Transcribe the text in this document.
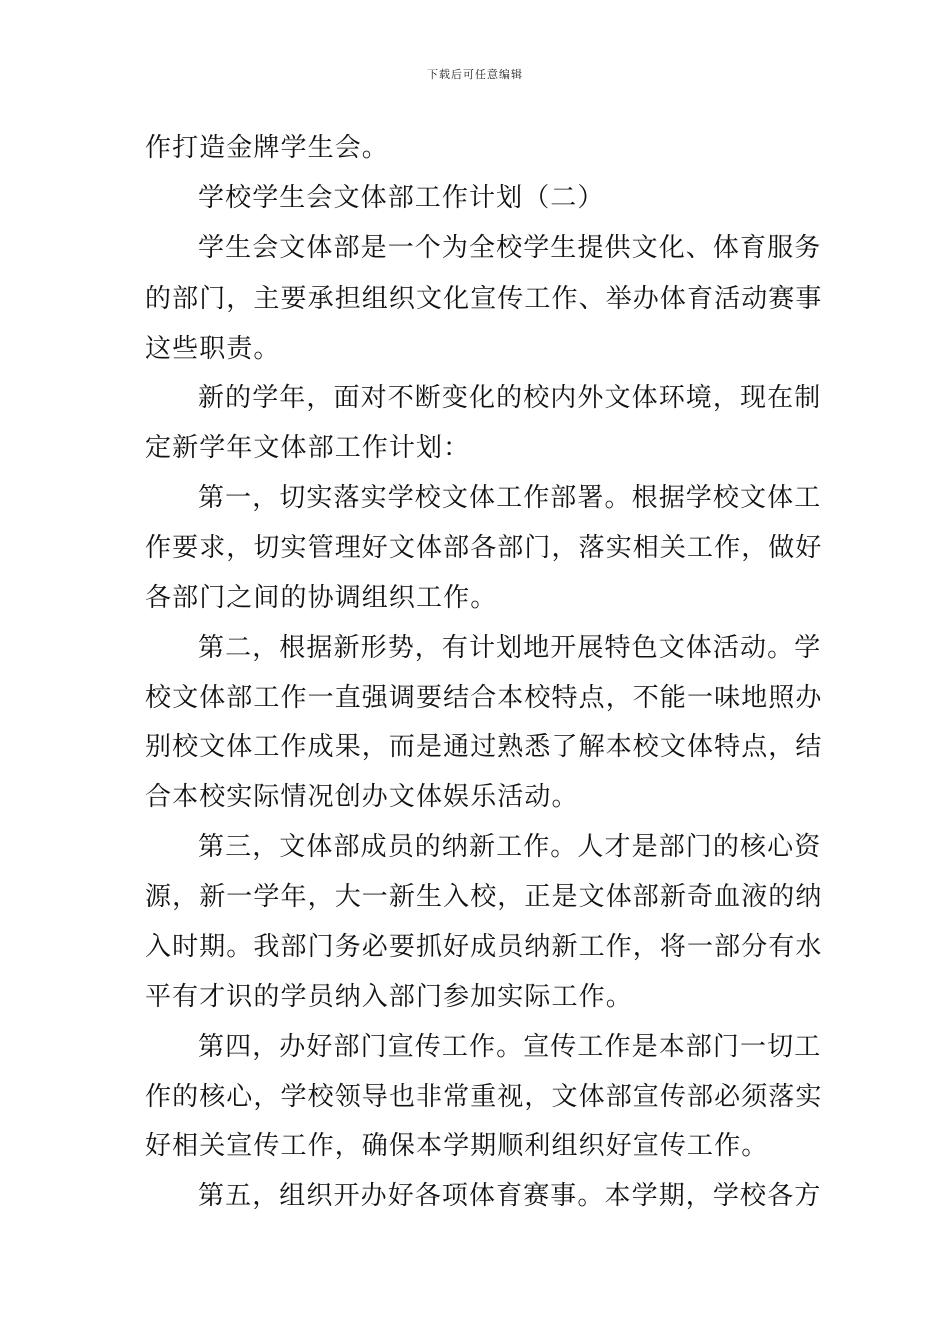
下载后可任意编辑
作打造金牌学生会。
学校学生会文体部工作计划（二）
学生会文体部是一个为全校学生提供文化、体育服务
的部门，主要承担组织文化宣传工作、举办体育活动赛事
这些职责。
新的学年，面对不断变化的校内外文体环境，现在制
定新学年文体部工作计划：
第一，切实落实学校文体工作部署。根据学校文体工
作要求，切实管理好文体部各部门，落实相关工作，做好
各部门之间的协调组织工作。
第二，根据新形势，有计划地开展特色文体活动。学
校文体部工作一直强调要结合本校特点，不能一味地照办
别校文体工作成果，而是通过熟悉了解本校文体特点，结
合本校实际情况创办文体娱乐活动。
第三，文体部成员的纳新工作。人才是部门的核心资
源，新一学年，大一新生入校，正是文体部新奇血液的纳
入时期。我部门务必要抓好成员纳新工作，将一部分有水
平有才识的学员纳入部门参加实际工作。
第四，办好部门宣传工作。宣传工作是本部门一切工
作的核心，学校领导也非常重视，文体部宣传部必须落实
好相关宣传工作，确保本学期顺利组织好宣传工作。
第五，组织开办好各项体育赛事。本学期，学校各方
